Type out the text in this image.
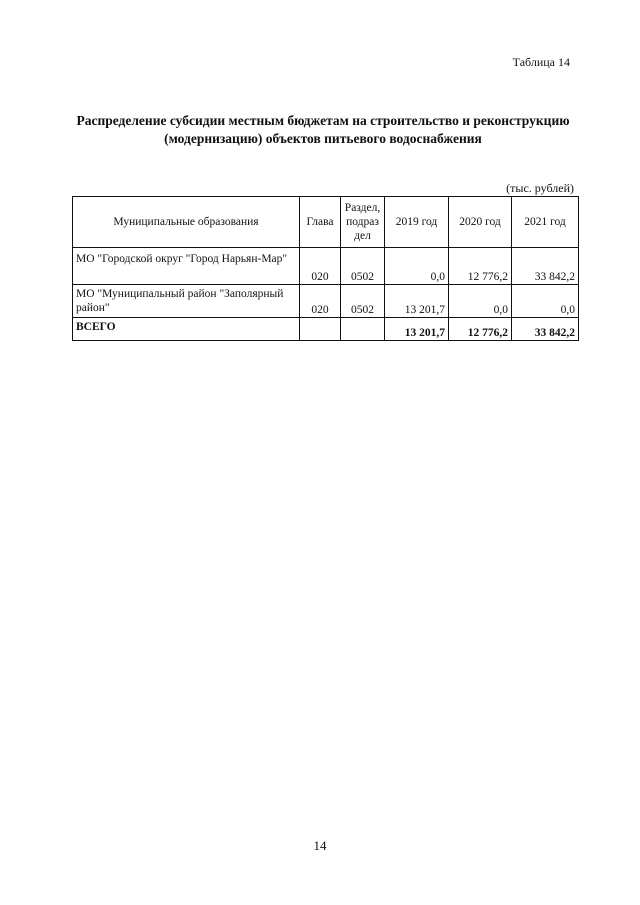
Таблица 14
Распределение субсидии местным бюджетам на строительство и реконструкцию
(модернизацию) объектов питьевого водоснабжения
(тыс. рублей)
Муниципальные образования	Глава	Раздел,
подраз
дел	2019 год	2020 год	2021 год
МО "Городской округ "Город Нарьян-Мар"	020	0502	0,0	12 776,2	33 842,2
МО "Муниципальный район "Заполярный район"	020	0502	13 201,7	0,0	0,0
ВСЕГО			13 201,7	12 776,2	33 842,2
14
